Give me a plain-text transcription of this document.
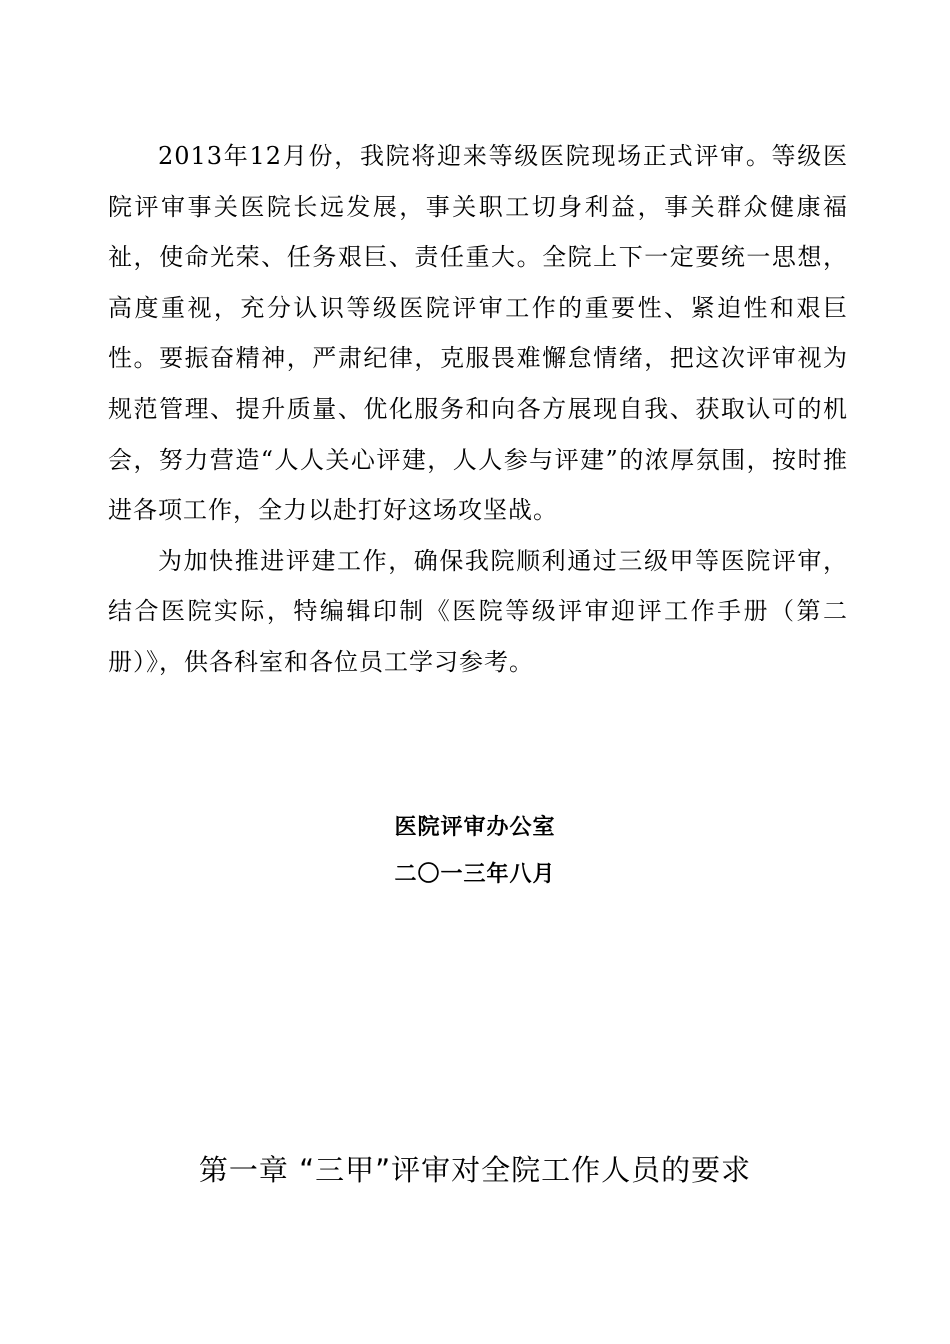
2013年12月份，我院将迎来等级医院现场正式评审。等级医院评审事关医院长远发展，事关职工切身利益，事关群众健康福祉，使命光荣、任务艰巨、责任重大。全院上下一定要统一思想，高度重视，充分认识等级医院评审工作的重要性、紧迫性和艰巨性。要振奋精神，严肃纪律，克服畏难懈怠情绪，把这次评审视为规范管理、提升质量、优化服务和向各方展现自我、获取认可的机会，努力营造“人人关心评建，人人参与评建”的浓厚氛围，按时推进各项工作，全力以赴打好这场攻坚战。

为加快推进评建工作，确保我院顺利通过三级甲等医院评审，结合医院实际，特编辑印制《医院等级评审迎评工作手册（第二册）》，供各科室和各位员工学习参考。

医院评审办公室
二〇一三年八月
第一章 “三甲”评审对全院工作人员的要求
